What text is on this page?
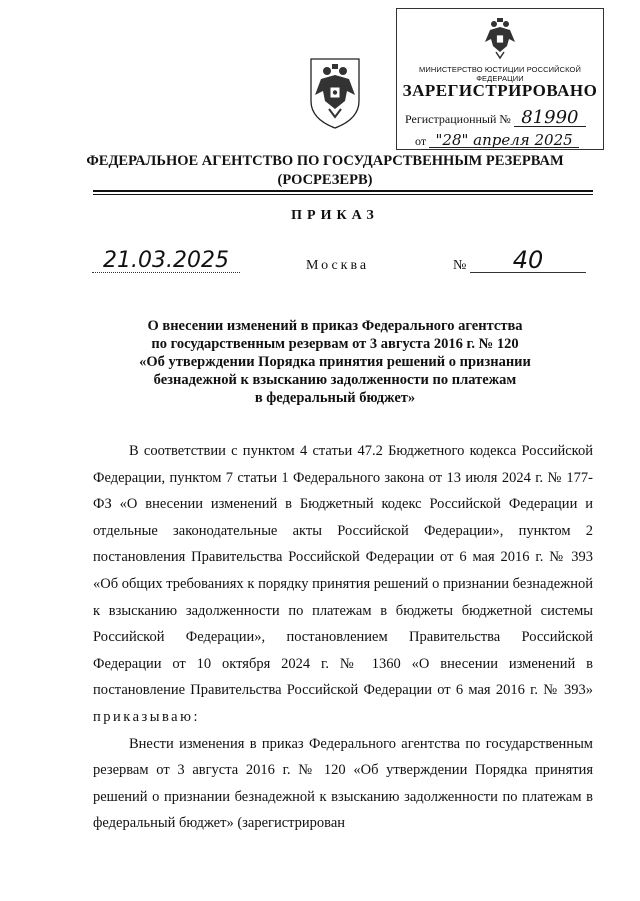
МИНИСТЕРСТВО ЮСТИЦИИ РОССИЙСКОЙ ФЕДЕРАЦИИ
ЗАРЕГИСТРИРОВАНО
Регистрационный № 81990
от "28" апреля 2025
ФЕДЕРАЛЬНОЕ АГЕНТСТВО ПО ГОСУДАРСТВЕННЫМ РЕЗЕРВАМ
(РОСРЕЗЕРВ)
ПРИКАЗ
21.03.2025	Москва	№	40
О внесении изменений в приказ Федерального агентства
по государственным резервам от 3 августа 2016 г. № 120
«Об утверждении Порядка принятия решений о признании
безнадежной к взысканию задолженности по платежам
в федеральный бюджет»

В соответствии с пунктом 4 статьи 47.2 Бюджетного кодекса Российской Федерации, пунктом 7 статьи 1 Федерального закона от 13 июля 2024 г. № 177-ФЗ «О внесении изменений в Бюджетный кодекс Российской Федерации и отдельные законодательные акты Российской Федерации», пунктом 2 постановления Правительства Российской Федерации от 6 мая 2016 г. № 393 «Об общих требованиях к порядку принятия решений о признании безнадежной к взысканию задолженности по платежам в бюджеты бюджетной системы Российской Федерации», постановлением Правительства Российской Федерации от 10 октября 2024 г. № 1360 «О внесении изменений в постановление Правительства Российской Федерации от 6 мая 2016 г. № 393» приказываю:

Внести изменения в приказ Федерального агентства по государственным резервам от 3 августа 2016 г. № 120 «Об утверждении Порядка принятия решений о признании безнадежной к взысканию задолженности по платежам в федеральный бюджет» (зарегистрирован
